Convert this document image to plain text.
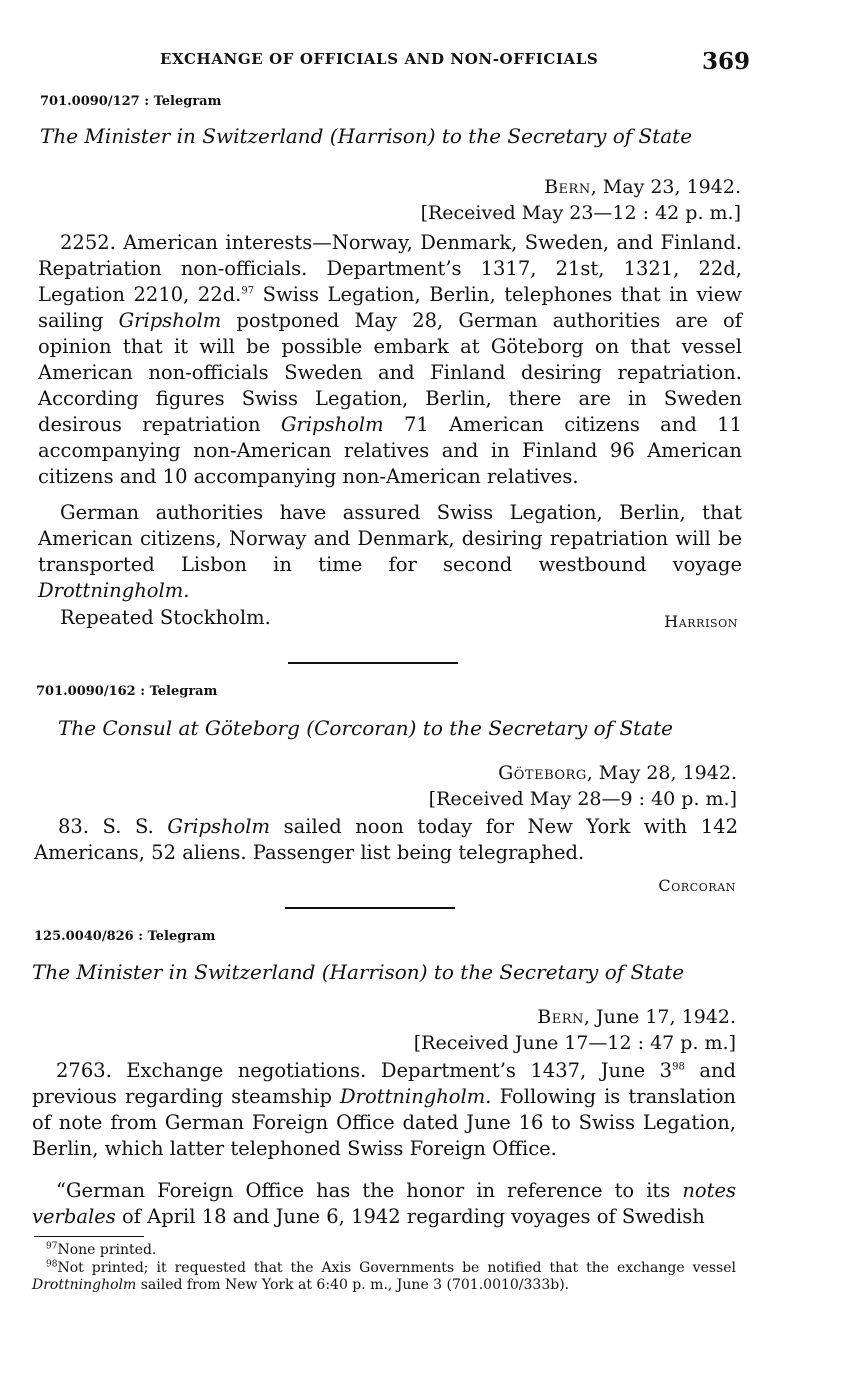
EXCHANGE OF OFFICIALS AND NON-OFFICIALS	369
701.0090/127 : Telegram
The Minister in Switzerland (Harrison) to the Secretary of State
Bern, May 23, 1942.
[Received May 23—12 : 42 p. m.]
2252. American interests—Norway, Denmark, Sweden, and Finland. Repatriation non-officials. Department’s 1317, 21st, 1321, 22d, Legation 2210, 22d.$^{97}$ Swiss Legation, Berlin, telephones that in view sailing Gripsholm postponed May 28, German authorities are of opinion that it will be possible embark at Göteborg on that vessel American non-officials Sweden and Finland desiring repatriation. According figures Swiss Legation, Berlin, there are in Sweden desirous repatriation Gripsholm 71 American citizens and 11 accompanying non-American relatives and in Finland 96 American citizens and 10 accompanying non-American relatives.
German authorities have assured Swiss Legation, Berlin, that American citizens, Norway and Denmark, desiring repatriation will be transported Lisbon in time for second westbound voyage Drottningholm.
Repeated Stockholm.	Harrison
701.0090/162 : Telegram
The Consul at Göteborg (Corcoran) to the Secretary of State
Göteborg, May 28, 1942.
[Received May 28—9 : 40 p. m.]
83. S. S. Gripsholm sailed noon today for New York with 142 Americans, 52 aliens. Passenger list being telegraphed.
Corcoran
125.0040/826 : Telegram
The Minister in Switzerland (Harrison) to the Secretary of State
Bern, June 17, 1942.
[Received June 17—12 : 47 p. m.]
2763. Exchange negotiations. Department’s 1437, June 3$^{98}$ and previous regarding steamship Drottningholm. Following is translation of note from German Foreign Office dated June 16 to Swiss Legation, Berlin, which latter telephoned Swiss Foreign Office.
“German Foreign Office has the honor in reference to its notes verbales of April 18 and June 6, 1942 regarding voyages of Swedish
$^{97}$None printed.
$^{98}$Not printed; it requested that the Axis Governments be notified that the exchange vessel Drottningholm sailed from New York at 6:40 p. m., June 3 (701.0010/333b).
